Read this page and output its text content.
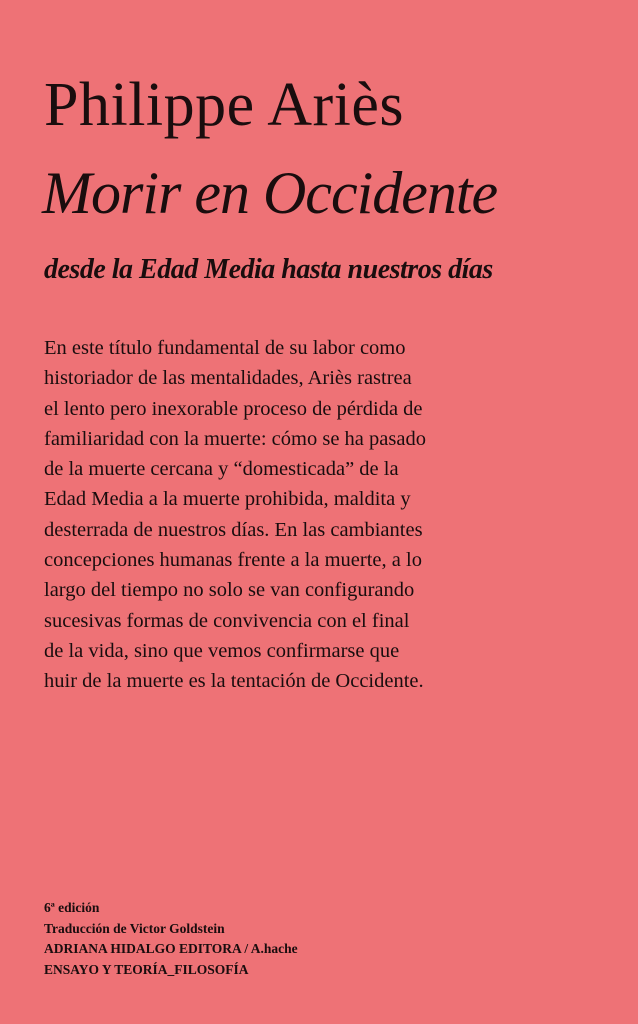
Philippe Ariès
Morir en Occidente
desde la Edad Media hasta nuestros días
En este título fundamental de su labor como
historiador de las mentalidades, Ariès rastrea
el lento pero inexorable proceso de pérdida de
familiaridad con la muerte: cómo se ha pasado
de la muerte cercana y “domesticada” de la
Edad Media a la muerte prohibida, maldita y
desterrada de nuestros días. En las cambiantes
concepciones humanas frente a la muerte, a lo
largo del tiempo no solo se van configurando
sucesivas formas de convivencia con el final
de la vida, sino que vemos confirmarse que
huir de la muerte es la tentación de Occidente.
6ª edición
Traducción de Victor Goldstein
ADRIANA HIDALGO EDITORA / A.hache
ENSAYO Y TEORÍA_FILOSOFÍA
